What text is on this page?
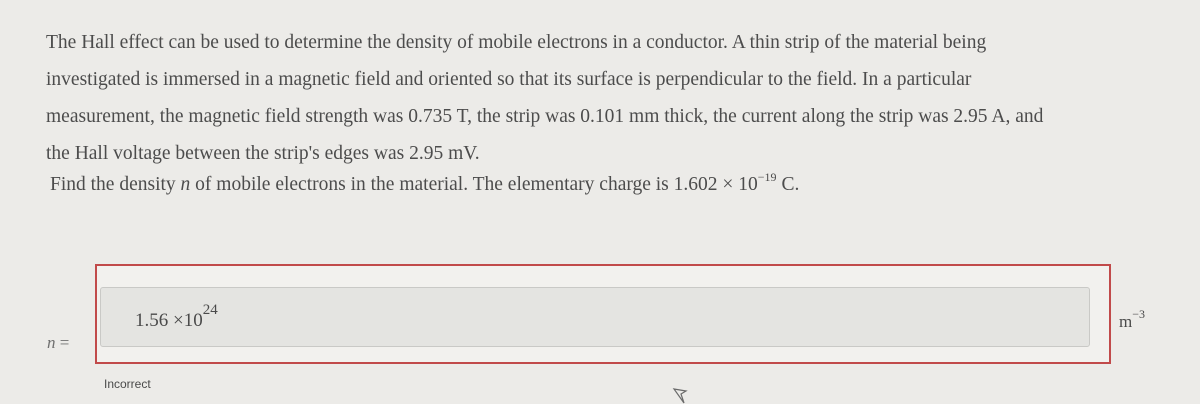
The Hall effect can be used to determine the density of mobile electrons in a conductor. A thin strip of the material being

investigated is immersed in a magnetic field and oriented so that its surface is perpendicular to the field. In a particular

measurement, the magnetic field strength was 0.735 T, the strip was 0.101 mm thick, the current along the strip was 2.95 A, and

the Hall voltage between the strip's edges was 2.95 mV.

Find the density n of mobile electrons in the material. The elementary charge is $1.602 \times 10^{-19}$ C.
$1.56 \times 10^{24}$
n =
$m^{-3}$
Incorrect
